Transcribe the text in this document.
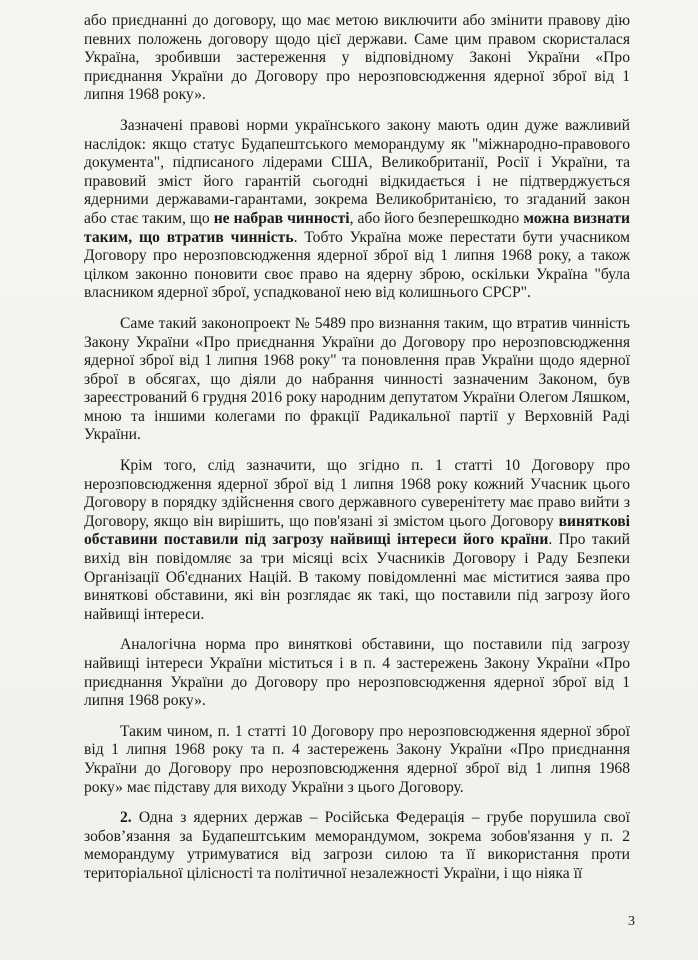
або приєднанні до договору, що має метою виключити або змінити правову дію певних положень договору щодо цієї держави. Саме цим правом скористалася Україна, зробивши застереження у відповідному Законі України «Про приєднання України до Договору про нерозповсюдження ядерної зброї від 1 липня 1968 року».

Зазначені правові норми українського закону мають один дуже важливий наслідок: якщо статус Будапештського меморандуму як "міжнародно-правового документа", підписаного лідерами США, Великобританії, Росії і України, та правовий зміст його гарантій сьогодні відкидається і не підтверджується ядерними державами-гарантами, зокрема Великобританією, то згаданий закон або стає таким, що не набрав чинності, або його безперешкодно можна визнати таким, що втратив чинність. Тобто Україна може перестати бути учасником Договору про нерозповсюдження ядерної зброї від 1 липня 1968 року, а також цілком законно поновити своє право на ядерну зброю, оскільки Україна "була власником ядерної зброї, успадкованої нею від колишнього СРСР".

Саме такий законопроект № 5489 про визнання таким, що втратив чинність Закону України «Про приєднання України до Договору про нерозповсюдження ядерної зброї від 1 липня 1968 року" та поновлення прав України щодо ядерної зброї в обсягах, що діяли до набрання чинності зазначеним Законом, був зареєстрований 6 грудня 2016 року народним депутатом України Олегом Ляшком, мною та іншими колегами по фракції Радикальної партії у Верховній Раді України.

Крім того, слід зазначити, що згідно п. 1 статті 10 Договору про нерозповсюдження ядерної зброї від 1 липня 1968 року кожний Учасник цього Договору в порядку здійснення свого державного суверенітету має право вийти з Договору, якщо він вирішить, що пов'язані зі змістом цього Договору виняткові обставини поставили під загрозу найвищі інтереси його країни. Про такий вихід він повідомляє за три місяці всіх Учасників Договору і Раду Безпеки Організації Об'єднаних Націй. В такому повідомленні має міститися заява про виняткові обставини, які він розглядає як такі, що поставили під загрозу його найвищі інтереси.

Аналогічна норма про виняткові обставини, що поставили під загрозу найвищі інтереси України міститься і в п. 4 застережень Закону України «Про приєднання України до Договору про нерозповсюдження ядерної зброї від 1 липня 1968 року».

Таким чином, п. 1 статті 10 Договору про нерозповсюдження ядерної зброї від 1 липня 1968 року та п. 4 застережень Закону України «Про приєднання України до Договору про нерозповсюдження ядерної зброї від 1 липня 1968 року» має підставу для виходу України з цього Договору.

2. Одна з ядерних держав – Російська Федерація – грубе порушила свої зобов’язання за Будапештським меморандумом, зокрема зобов'язання у п. 2 меморандуму утримуватися від загрози силою та її використання проти територіальної цілісності та політичної незалежності України, і що ніяка її

3
